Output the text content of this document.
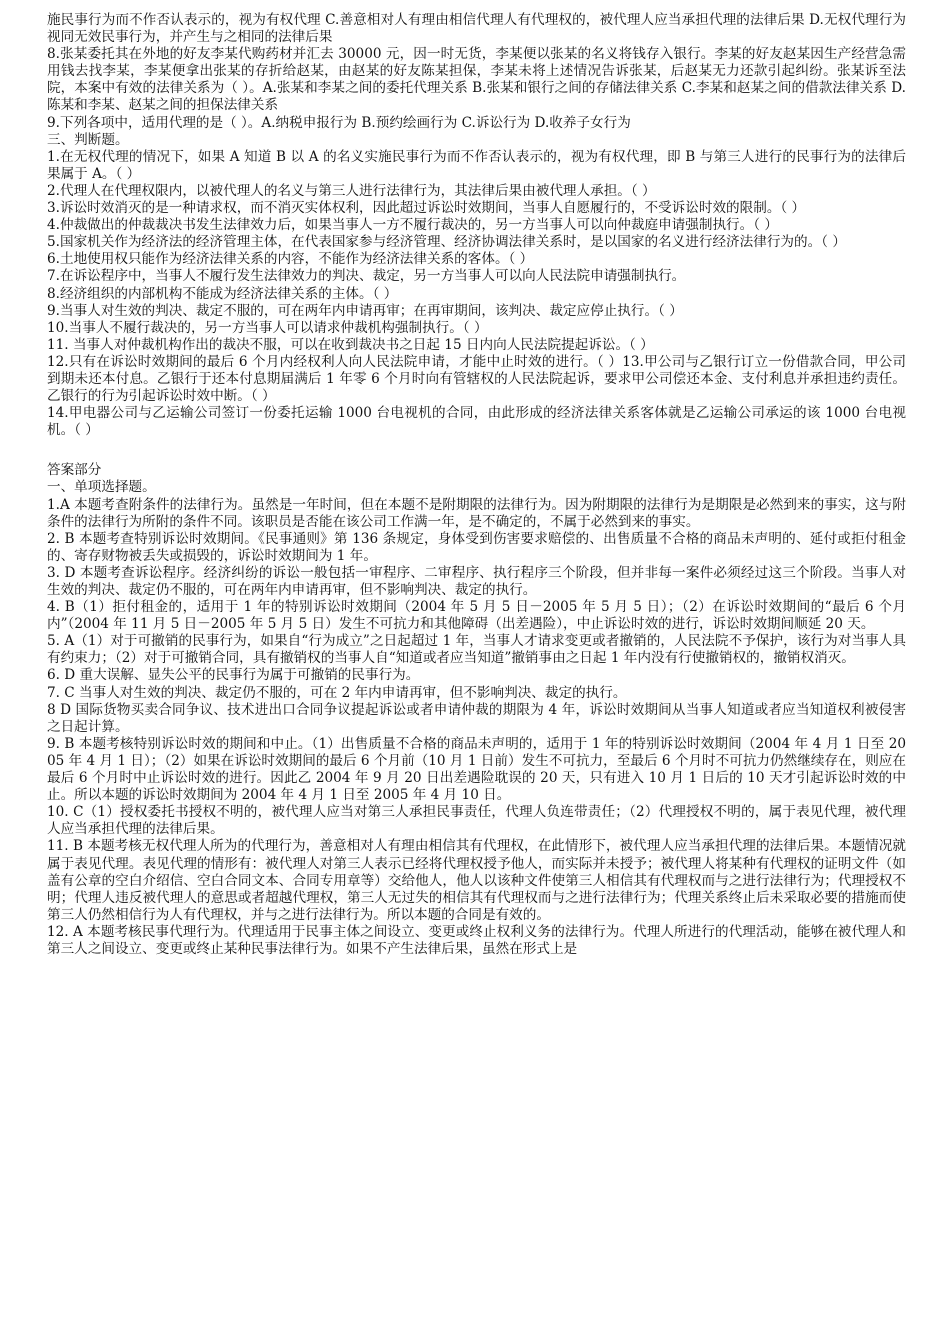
施民事行为而不作否认表示的，视为有权代理 C.善意相对人有理由相信代理人有代理权的，被代理人应当承担代理的法律后果 D.无权代理行为视同无效民事行为，并产生与之相同的法律后果

8.张某委托其在外地的好友李某代购药材并汇去 30000 元，因一时无货，李某便以张某的名义将钱存入银行。李某的好友赵某因生产经营急需用钱去找李某，李某便拿出张某的存折给赵某，由赵某的好友陈某担保，李某未将上述情况告诉张某，后赵某无力还款引起纠纷。张某诉至法院，本案中有效的法律关系为（ ）。A.张某和李某之间的委托代理关系 B.张某和银行之间的存储法律关系 C.李某和赵某之间的借款法律关系 D.陈某和李某、赵某之间的担保法律关系

9.下列各项中，适用代理的是（ ）。A.纳税申报行为 B.预约绘画行为 C.诉讼行为 D.收养子女行为

三、判断题。

1.在无权代理的情况下，如果 A 知道 B 以 A 的名义实施民事行为而不作否认表示的，视为有权代理，即 B 与第三人进行的民事行为的法律后果属于 A。（ ）

2.代理人在代理权限内，以被代理人的名义与第三人进行法律行为，其法律后果由被代理人承担。（ ）

3.诉讼时效消灭的是一种请求权，而不消灭实体权利，因此超过诉讼时效期间，当事人自愿履行的，不受诉讼时效的限制。（ ）

4.仲裁做出的仲裁裁决书发生法律效力后，如果当事人一方不履行裁决的，另一方当事人可以向仲裁庭申请强制执行。（ ）

5.国家机关作为经济法的经济管理主体，在代表国家参与经济管理、经济协调法律关系时，是以国家的名义进行经济法律行为的。（ ）

6.土地使用权只能作为经济法律关系的内容，不能作为经济法律关系的客体。（ ）

7.在诉讼程序中，当事人不履行发生法律效力的判决、裁定，另一方当事人可以向人民法院申请强制执行。

8.经济组织的内部机构不能成为经济法律关系的主体。（ ）

9.当事人对生效的判决、裁定不服的，可在两年内申请再审；在再审期间，该判决、裁定应停止执行。（ ）

10.当事人不履行裁决的，另一方当事人可以请求仲裁机构强制执行。（ ）

11. 当事人对仲裁机构作出的裁决不服，可以在收到裁决书之日起 15 日内向人民法院提起诉讼。（ ）

12.只有在诉讼时效期间的最后 6 个月内经权利人向人民法院申请，才能中止时效的进行。（ ）13.甲公司与乙银行订立一份借款合同，甲公司到期未还本付息。乙银行于还本付息期届满后 1 年零 6 个月时向有管辖权的人民法院起诉，要求甲公司偿还本金、支付利息并承担违约责任。乙银行的行为引起诉讼时效中断。（ ）

14.甲电器公司与乙运输公司签订一份委托运输 1000 台电视机的合同，由此形成的经济法律关系客体就是乙运输公司承运的该 1000 台电视机。（ ）

答案部分

一、单项选择题。

1.A 本题考查附条件的法律行为。虽然是一年时间，但在本题不是附期限的法律行为。因为附期限的法律行为是期限是必然到来的事实，这与附条件的法律行为所附的条件不同。该职员是否能在该公司工作满一年，是不确定的，不属于必然到来的事实。

2. B 本题考查特别诉讼时效期间。《民事通则》第 136 条规定，身体受到伤害要求赔偿的、出售质量不合格的商品未声明的、延付或拒付租金的、寄存财物被丢失或损毁的，诉讼时效期间为 1 年。

3. D 本题考查诉讼程序。经济纠纷的诉讼一般包括一审程序、二审程序、执行程序三个阶段，但并非每一案件必须经过这三个阶段。当事人对生效的判决、裁定仍不服的，可在两年内申请再审，但不影响判决、裁定的执行。

4. B（1）拒付租金的，适用于 1 年的特别诉讼时效期间（2004 年 5 月 5 日－2005 年 5 月 5 日）；（2）在诉讼时效期间的“最后 6 个月内”（2004 年 11 月 5 日－2005 年 5 月 5 日）发生不可抗力和其他障碍（出差遇险），中止诉讼时效的进行，诉讼时效期间顺延 20 天。

5. A（1）对于可撤销的民事行为，如果自“行为成立”之日起超过 1 年，当事人才请求变更或者撤销的，人民法院不予保护，该行为对当事人具有约束力；（2）对于可撤销合同，具有撤销权的当事人自“知道或者应当知道”撤销事由之日起 1 年内没有行使撤销权的，撤销权消灭。

6. D 重大误解、显失公平的民事行为属于可撤销的民事行为。

7. C 当事人对生效的判决、裁定仍不服的，可在 2 年内申请再审，但不影响判决、裁定的执行。

8 D 国际货物买卖合同争议、技术进出口合同争议提起诉讼或者申请仲裁的期限为 4 年，诉讼时效期间从当事人知道或者应当知道权利被侵害之日起计算。

9. B 本题考核特别诉讼时效的期间和中止。（1）出售质量不合格的商品未声明的，适用于 1 年的特别诉讼时效期间（2004 年 4 月 1 日至 2005 年 4 月 1 日）；（2）如果在诉讼时效期间的最后 6 个月前（10 月 1 日前）发生不可抗力，至最后 6 个月时不可抗力仍然继续存在，则应在最后 6 个月时中止诉讼时效的进行。因此乙 2004 年 9 月 20 日出差遇险耽误的 20 天，只有进入 10 月 1 日后的 10 天才引起诉讼时效的中止。所以本题的诉讼时效期间为 2004 年 4 月 1 日至 2005 年 4 月 10 日。

10. C（1）授权委托书授权不明的，被代理人应当对第三人承担民事责任，代理人负连带责任；（2）代理授权不明的，属于表见代理，被代理人应当承担代理的法律后果。

11. B 本题考核无权代理人所为的代理行为，善意相对人有理由相信其有代理权，在此情形下，被代理人应当承担代理的法律后果。本题情况就属于表见代理。表见代理的情形有：被代理人对第三人表示已经将代理权授予他人，而实际并未授予；被代理人将某种有代理权的证明文件（如盖有公章的空白介绍信、空白合同文本、合同专用章等）交给他人，他人以该种文件使第三人相信其有代理权而与之进行法律行为；代理授权不明；代理人违反被代理人的意思或者超越代理权，第三人无过失的相信其有代理权而与之进行法律行为；代理关系终止后未采取必要的措施而使第三人仍然相信行为人有代理权，并与之进行法律行为。所以本题的合同是有效的。

12. A 本题考核民事代理行为。代理适用于民事主体之间设立、变更或终止权利义务的法律行为。代理人所进行的代理活动，能够在被代理人和第三人之间设立、变更或终止某种民事法律行为。如果不产生法律后果，虽然在形式上是
